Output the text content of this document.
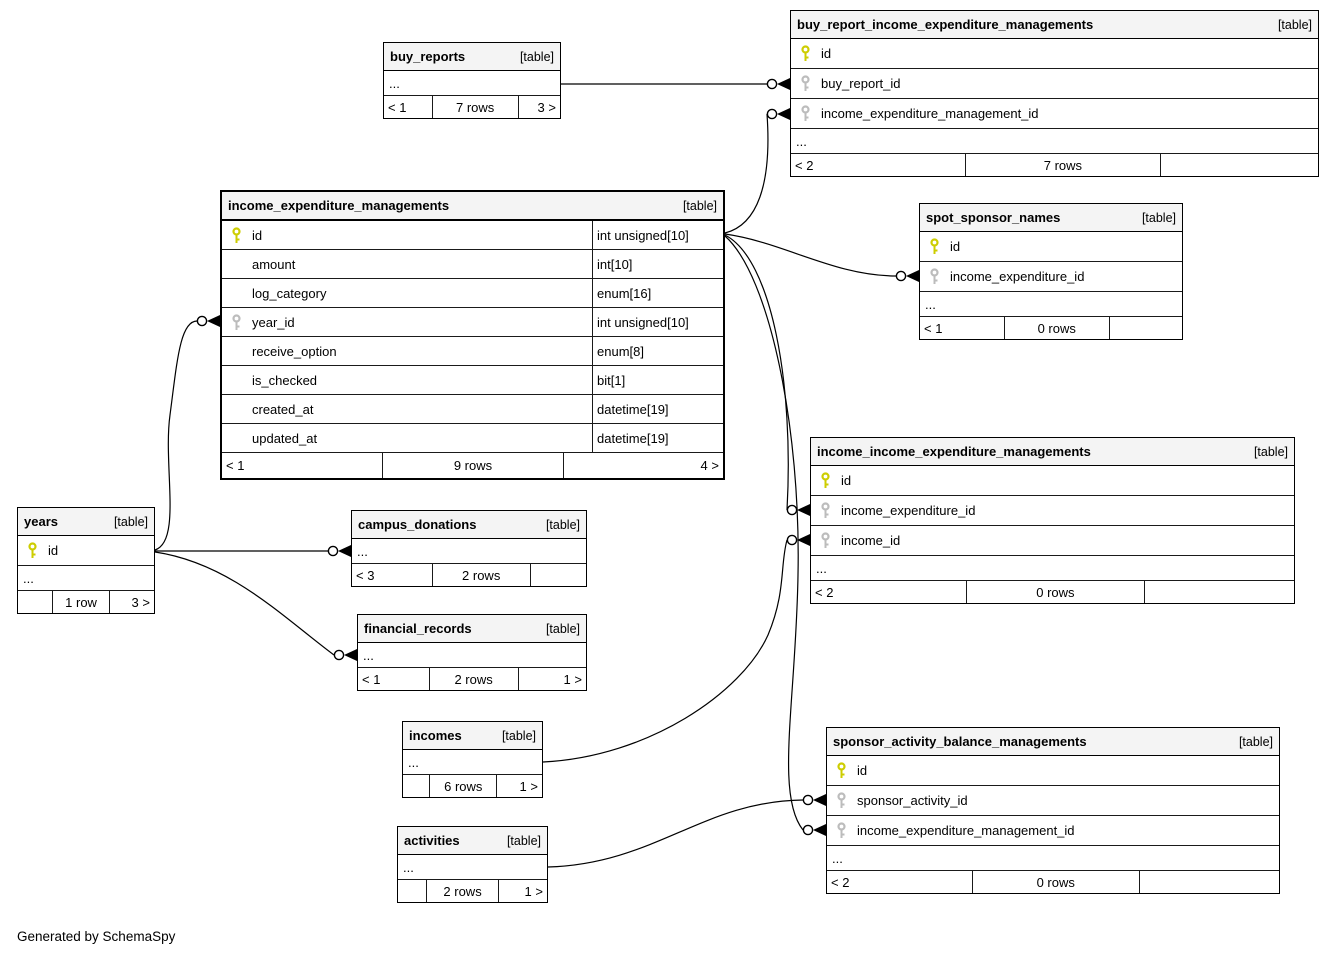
buy_reports	[table]
...
< 1	7 rows	3 >
buy_report_income_expenditure_managements	[table]
id
buy_report_id
income_expenditure_management_id
...
< 2	7 rows
income_expenditure_managements	[table]
id	int unsigned[10]
amount	int[10]
log_category	enum[16]
year_id	int unsigned[10]
receive_option	enum[8]
is_checked	bit[1]
created_at	datetime[19]
updated_at	datetime[19]
< 1	9 rows	4 >
spot_sponsor_names	[table]
id
income_expenditure_id
...
< 1	0 rows
income_income_expenditure_managements	[table]
id
income_expenditure_id
income_id
...
< 2	0 rows
years	[table]
id
...
1 row	3 >
campus_donations	[table]
...
< 3	2 rows
financial_records	[table]
...
< 1	2 rows	1 >
incomes	[table]
...
6 rows	1 >
activities	[table]
...
2 rows	1 >
sponsor_activity_balance_managements	[table]
id
sponsor_activity_id
income_expenditure_management_id
...
< 2	0 rows
Generated by SchemaSpy
